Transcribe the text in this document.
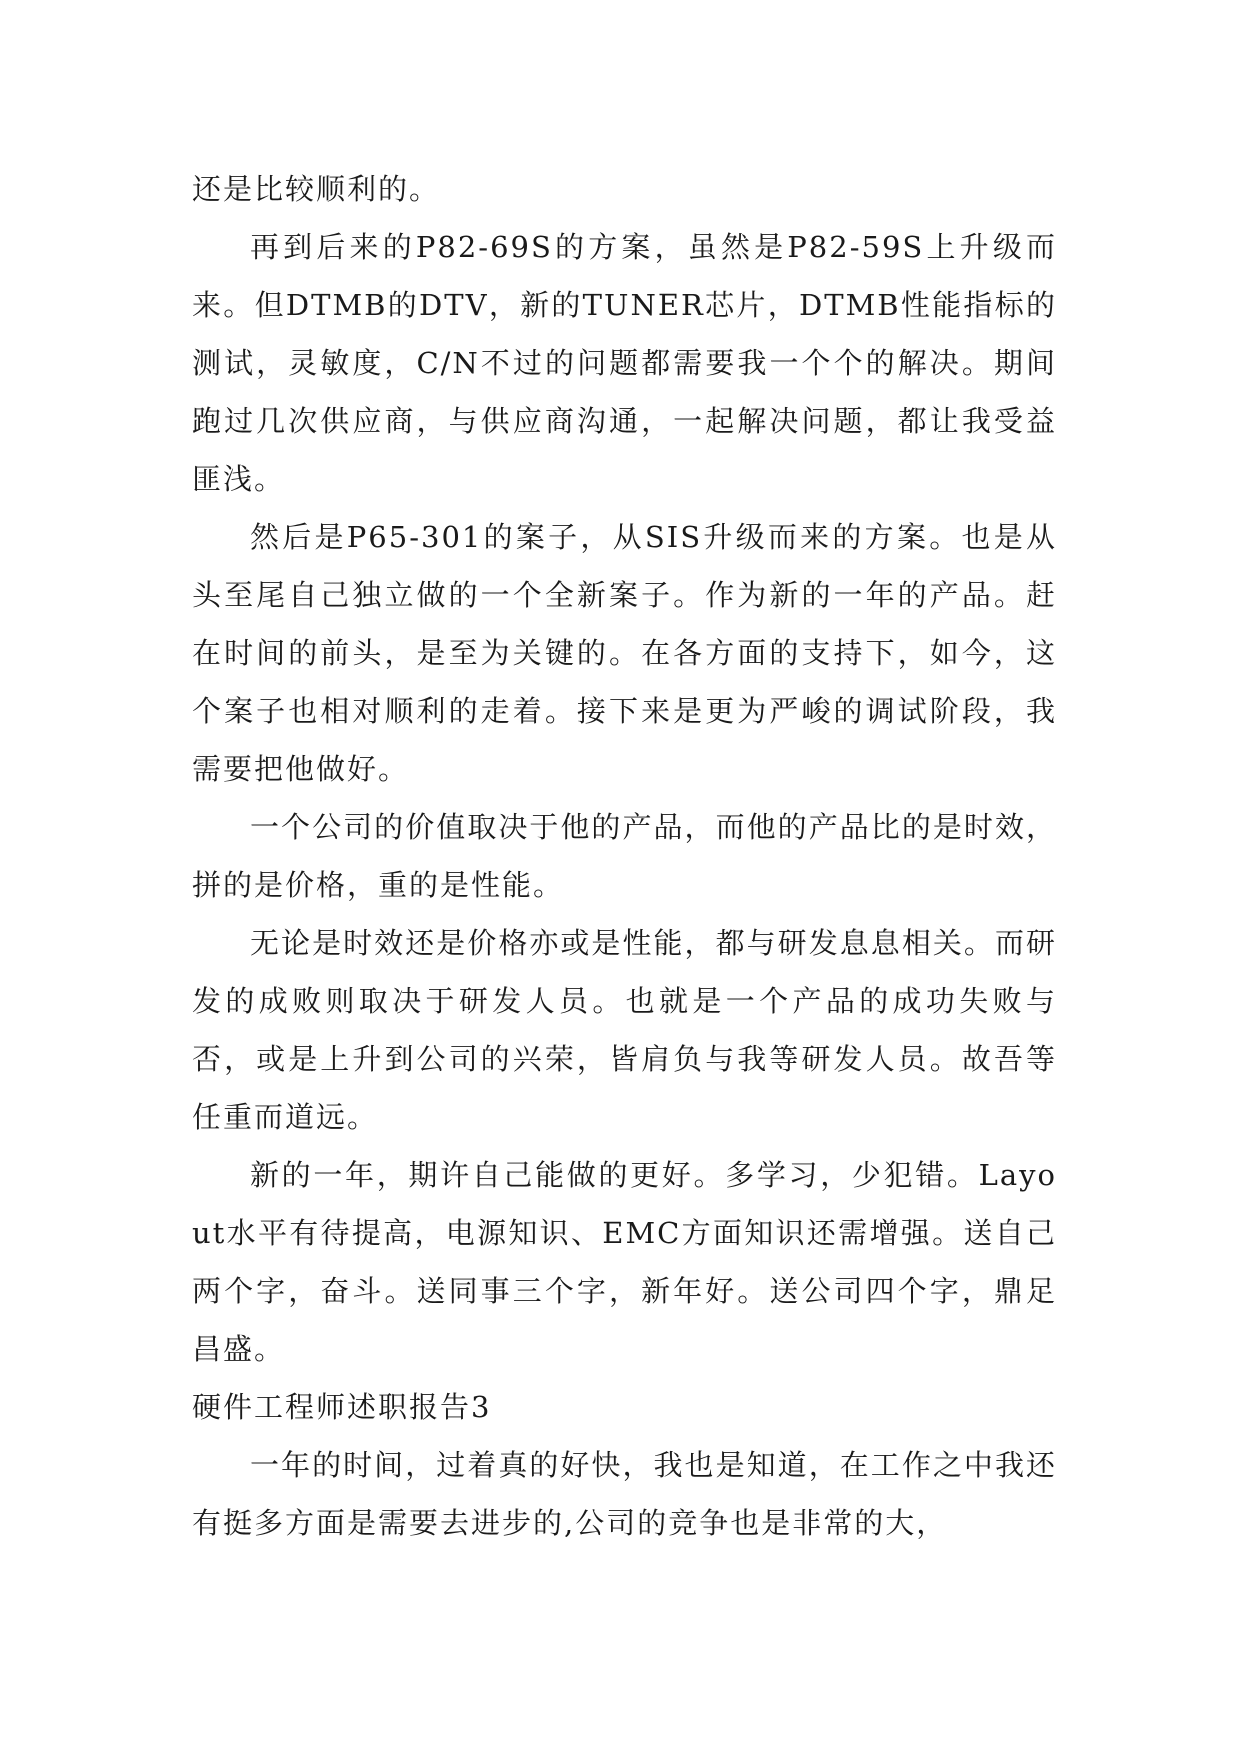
还是比较顺利的。

再到后来的P82-69S的方案，虽然是P82-59S上升级而来。但DTMB的DTV，新的TUNER芯片，DTMB性能指标的测试，灵敏度，C/N不过的问题都需要我一个个的解决。期间跑过几次供应商，与供应商沟通，一起解决问题，都让我受益匪浅。

然后是P65-301的案子，从SIS升级而来的方案。也是从头至尾自己独立做的一个全新案子。作为新的一年的产品。赶在时间的前头，是至为关键的。在各方面的支持下，如今，这个案子也相对顺利的走着。接下来是更为严峻的调试阶段，我需要把他做好。

一个公司的价值取决于他的产品，而他的产品比的是时效，拼的是价格，重的是性能。

无论是时效还是价格亦或是性能，都与研发息息相关。而研发的成败则取决于研发人员。也就是一个产品的成功失败与否，或是上升到公司的兴荣，皆肩负与我等研发人员。故吾等任重而道远。

新的一年，期许自己能做的更好。多学习，少犯错。Layout水平有待提高，电源知识、EMC方面知识还需增强。送自己两个字，奋斗。送同事三个字，新年好。送公司四个字，鼎足昌盛。

硬件工程师述职报告3

一年的时间，过着真的好快，我也是知道，在工作之中我还有挺多方面是需要去进步的,公司的竞争也是非常的大，
